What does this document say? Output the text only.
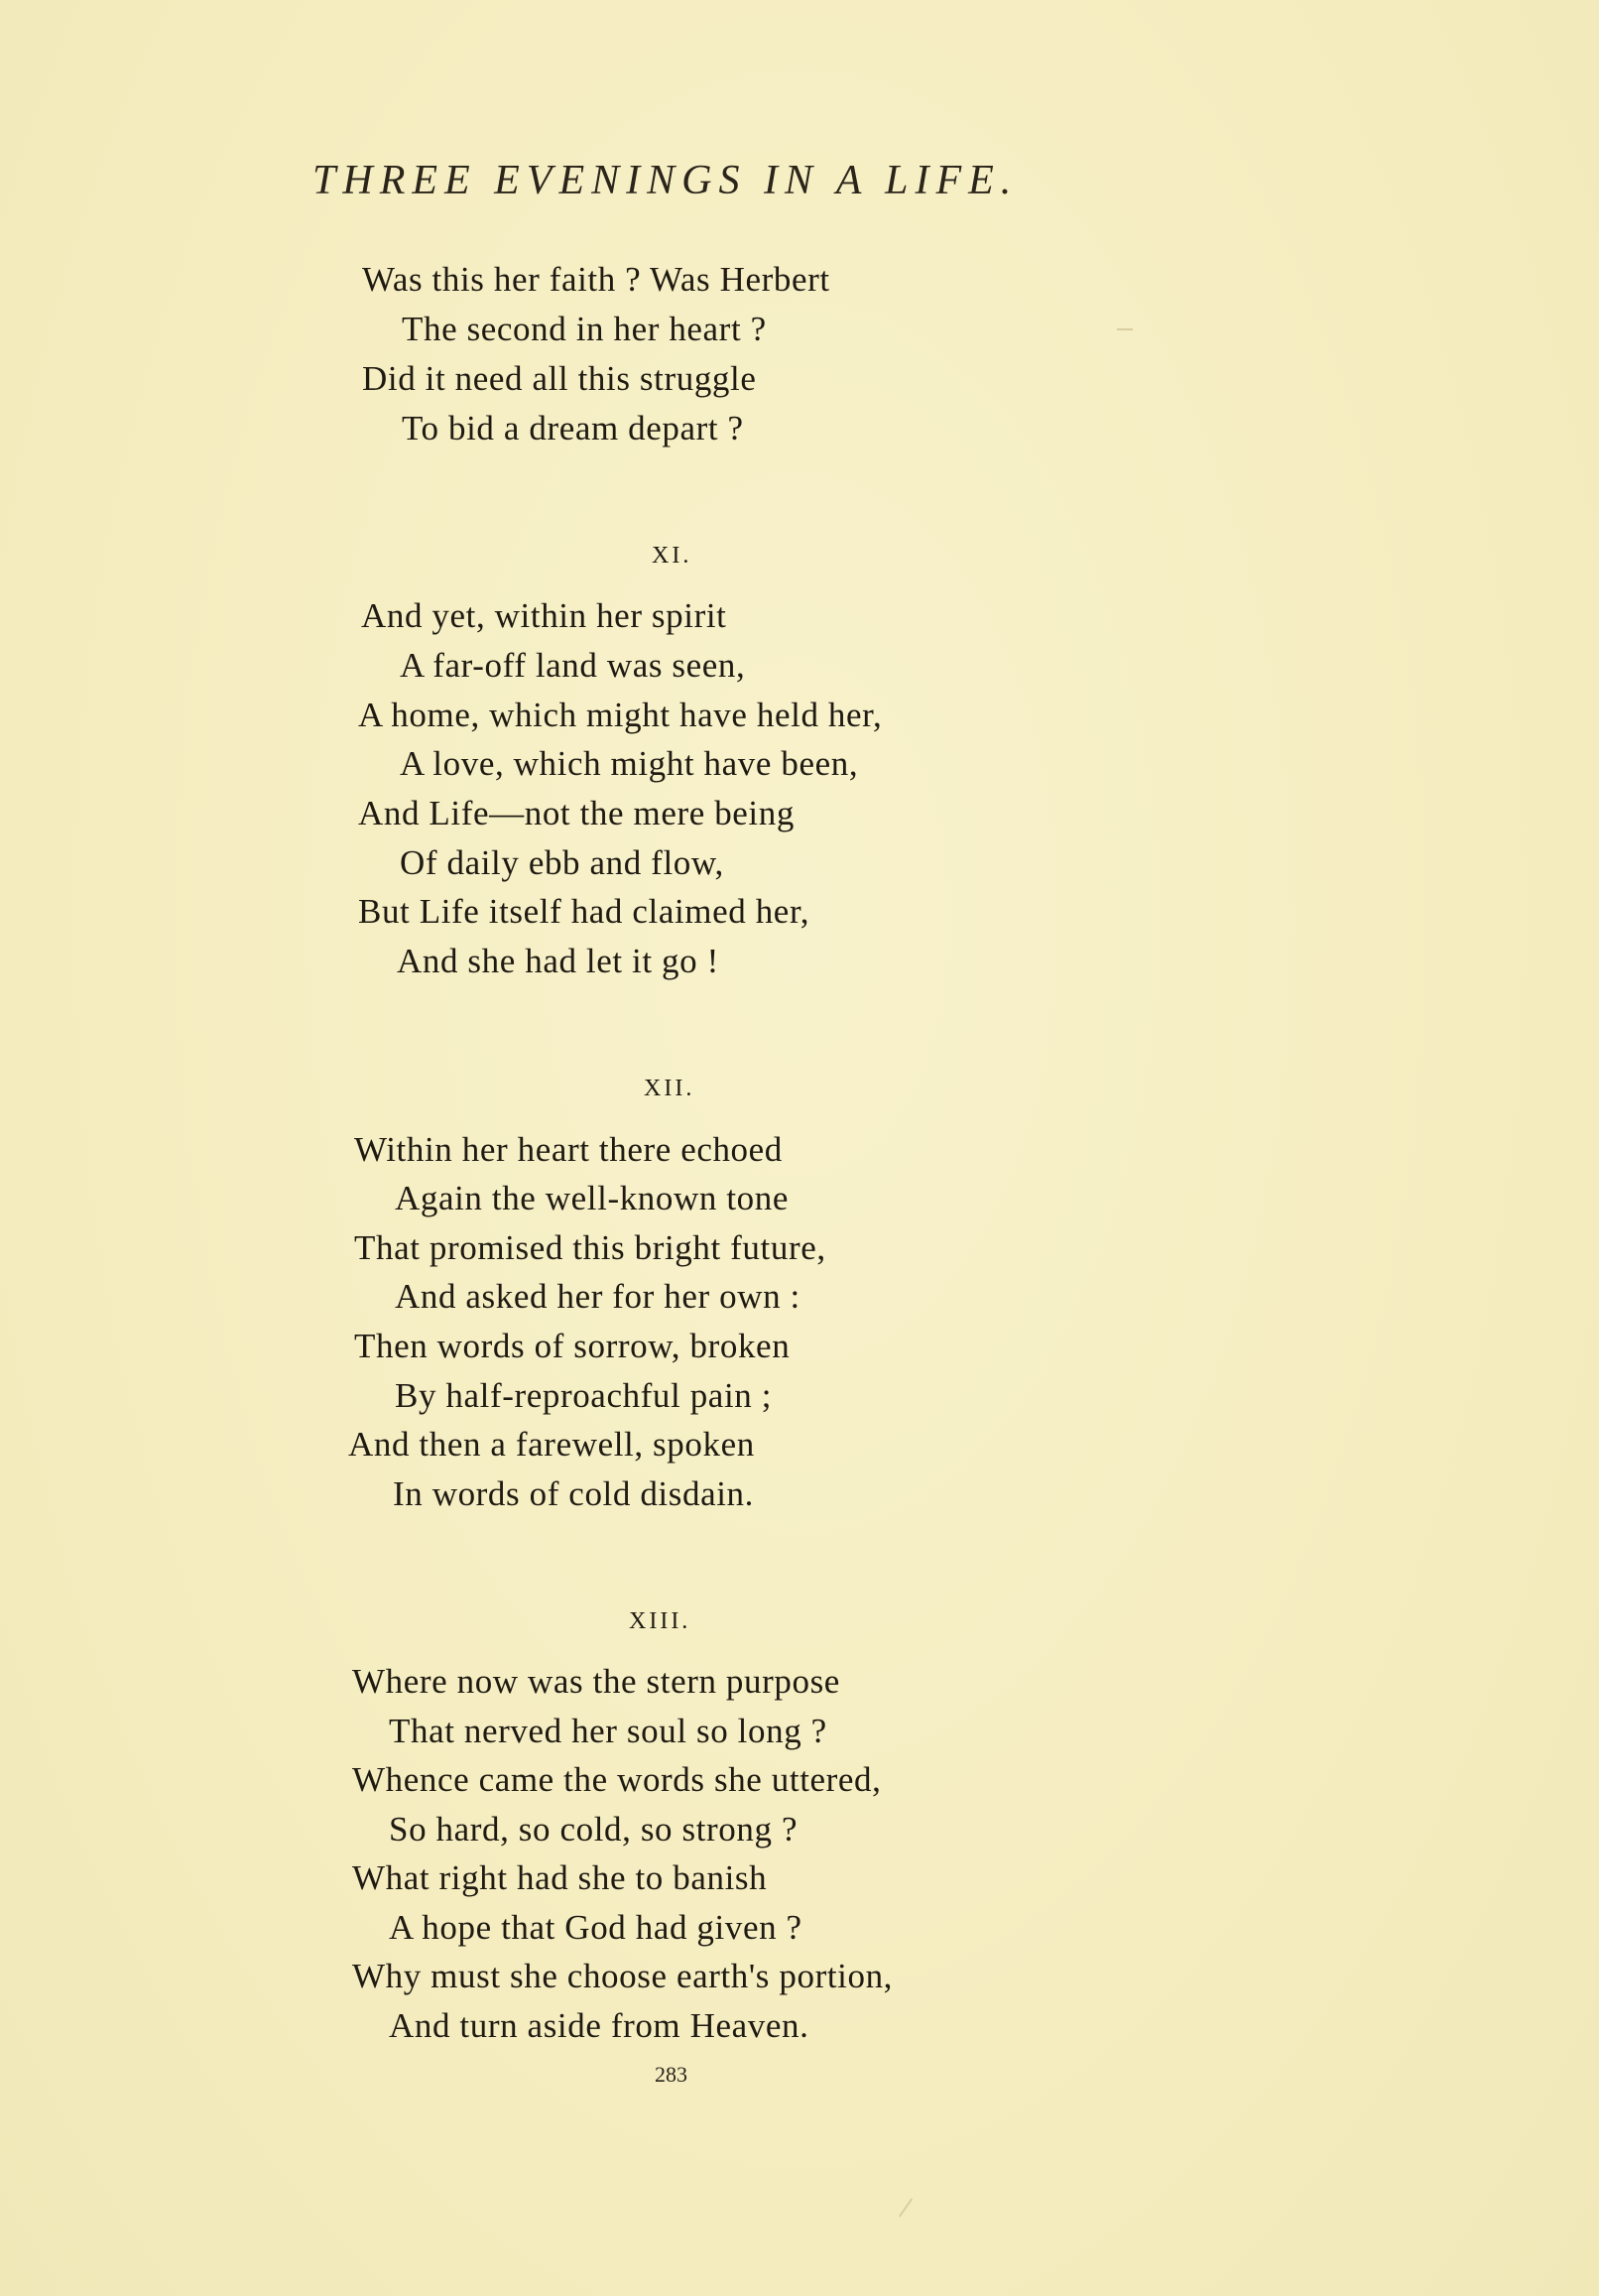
THREE EVENINGS IN A LIFE.
Was this her faith ? Was Herbert
The second in her heart ?
Did it need all this struggle
To bid a dream depart ?
XI.
And yet, within her spirit
A far-off land was seen,
A home, which might have held her,
A love, which might have been,
And Life—not the mere being
Of daily ebb and flow,
But Life itself had claimed her,
And she had let it go !
XII.
Within her heart there echoed
Again the well-known tone
That promised this bright future,
And asked her for her own :
Then words of sorrow, broken
By half-reproachful pain ;
And then a farewell, spoken
In words of cold disdain.
XIII.
Where now was the stern purpose
That nerved her soul so long ?
Whence came the words she uttered,
So hard, so cold, so strong ?
What right had she to banish
A hope that God had given ?
Why must she choose earth's portion,
And turn aside from Heaven.
283
